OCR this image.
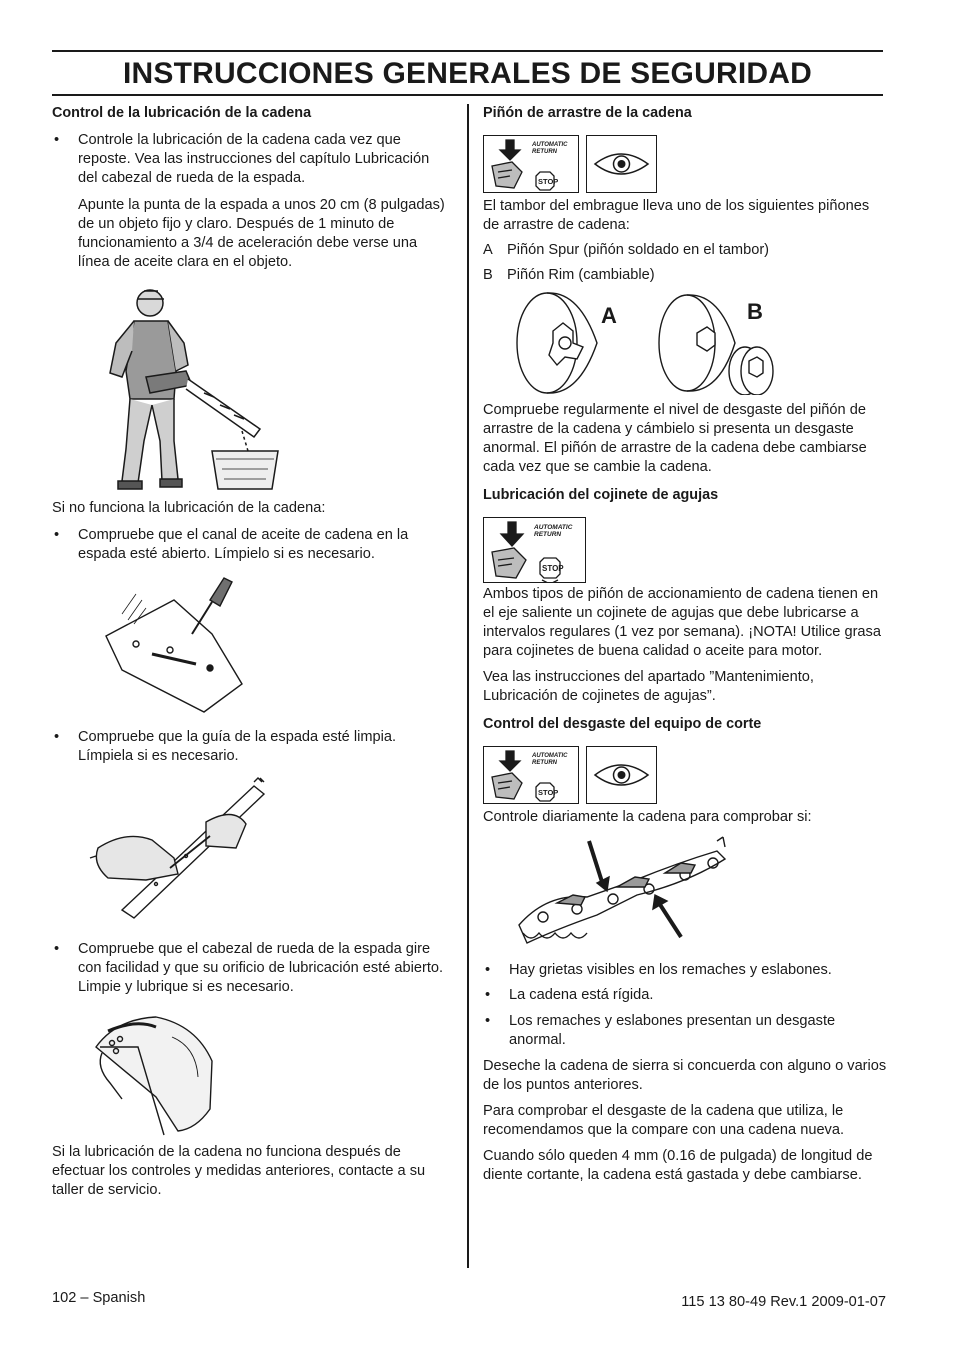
INSTRUCCIONES GENERALES DE SEGURIDAD
Control de la lubricación de la cadena
• Controle la lubricación de la cadena cada vez que reposte. Vea las instrucciones del capítulo Lubricación del cabezal de rueda de la espada.

Apunte la punta de la espada a unos 20 cm (8 pulgadas) de un objeto fijo y claro. Después de 1 minuto de funcionamiento a 3/4 de aceleración debe verse una línea de aceite clara en el objeto.

Si no funciona la lubricación de la cadena:

• Compruebe que el canal de aceite de cadena en la espada esté abierto. Límpielo si es necesario.

• Compruebe que la guía de la espada esté limpia. Límpiela si es necesario.

• Compruebe que el cabezal de rueda de la espada gire con facilidad y que su orificio de lubricación esté abierto. Limpie y lubrique si es necesario.

Si la lubricación de la cadena no funciona después de efectuar los controles y medidas anteriores, contacte a su taller de servicio.

Piñón de arrastre de la cadena
AUTOMATIC
RETURN
STOP

El tambor del embrague lleva uno de los siguientes piñones de arrastre de cadena:

A Piñón Spur (piñón soldado en el tambor)

B Piñón Rim (cambiable)

A	B

Compruebe regularmente el nivel de desgaste del piñón de arrastre de la cadena y cámbielo si presenta un desgaste anormal. El piñón de arrastre de la cadena debe cambiarse cada vez que se cambie la cadena.

Lubricación del cojinete de agujas
AUTOMATIC
RETURN
STOP

Ambos tipos de piñón de accionamiento de cadena tienen en el eje saliente un cojinete de agujas que debe lubricarse a intervalos regulares (1 vez por semana). ¡NOTA! Utilice grasa para cojinetes de buena calidad o aceite para motor.

Vea las instrucciones del apartado ”Mantenimiento, Lubricación de cojinetes de agujas”.

Control del desgaste del equipo de corte
AUTOMATIC
RETURN
STOP

Controle diariamente la cadena para comprobar si:

• Hay grietas visibles en los remaches y eslabones.

• La cadena está rígida.

• Los remaches y eslabones presentan un desgaste anormal.

Deseche la cadena de sierra si concuerda con alguno o varios de los puntos anteriores.

Para comprobar el desgaste de la cadena que utiliza, le recomendamos que la compare con una cadena nueva.

Cuando sólo queden 4 mm (0.16 de pulgada) de longitud de diente cortante, la cadena está gastada y debe cambiarse.

102 – Spanish	115 13 80-49 Rev.1 2009-01-07
